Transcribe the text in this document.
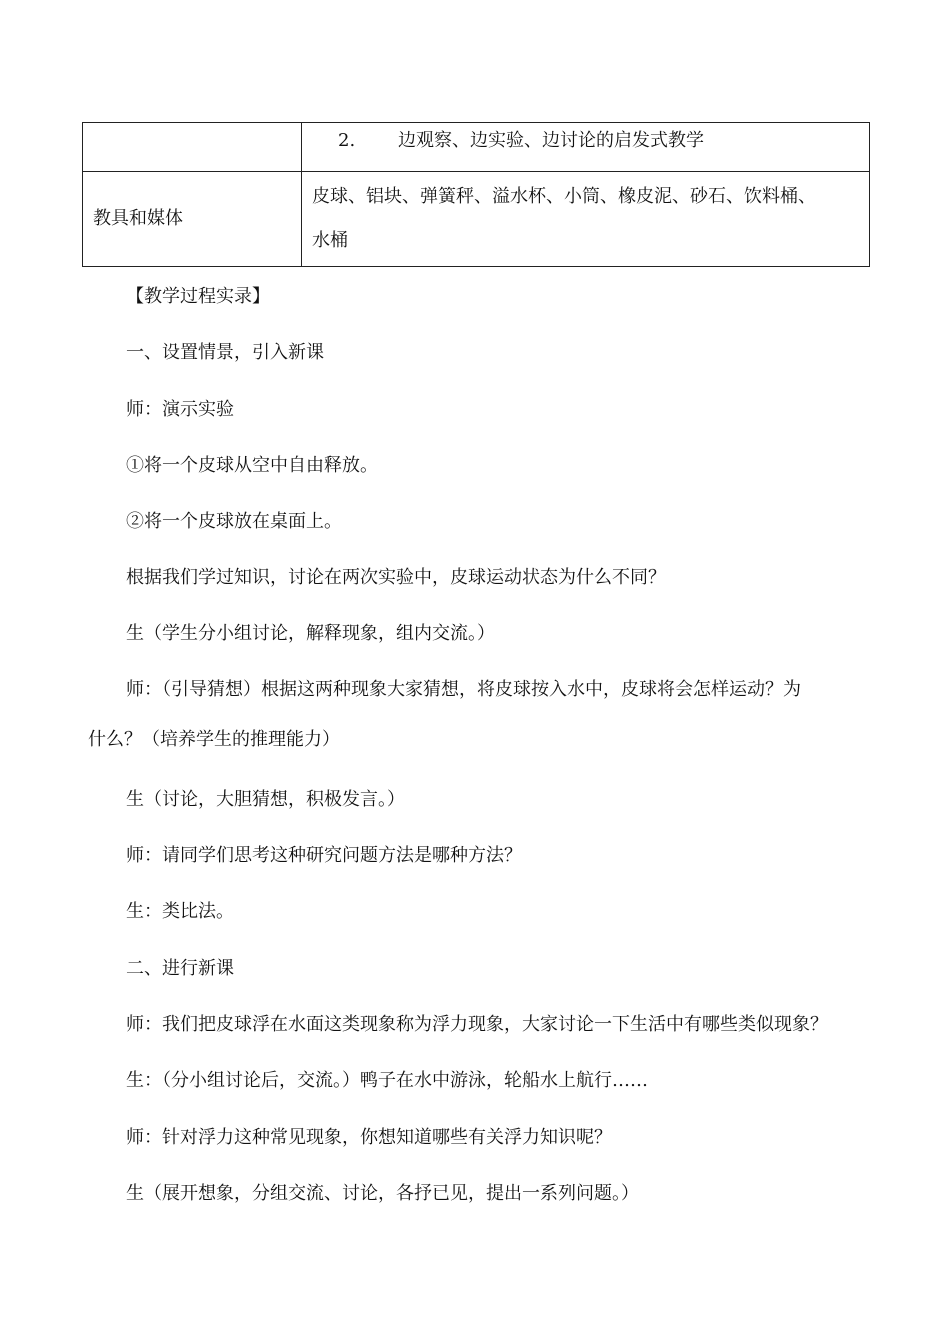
	2. 边观察、边实验、边讨论的启发式教学
教具和媒体	皮球、铝块、弹簧秤、溢水杯、小筒、橡皮泥、砂石、饮料桶、
水桶
【教学过程实录】
一、设置情景，引入新课
师：演示实验
①将一个皮球从空中自由释放。
②将一个皮球放在桌面上。
根据我们学过知识，讨论在两次实验中，皮球运动状态为什么不同？
生（学生分小组讨论，解释现象，组内交流。）
师：（引导猜想）根据这两种现象大家猜想，将皮球按入水中，皮球将会怎样运动？为
什么？（培养学生的推理能力）
生（讨论，大胆猜想，积极发言。）
师：请同学们思考这种研究问题方法是哪种方法？
生：类比法。
二、进行新课
师：我们把皮球浮在水面这类现象称为浮力现象，大家讨论一下生活中有哪些类似现象？
生：（分小组讨论后，交流。）鸭子在水中游泳，轮船水上航行……
师：针对浮力这种常见现象，你想知道哪些有关浮力知识呢？
生（展开想象，分组交流、讨论，各抒已见，提出一系列问题。）
